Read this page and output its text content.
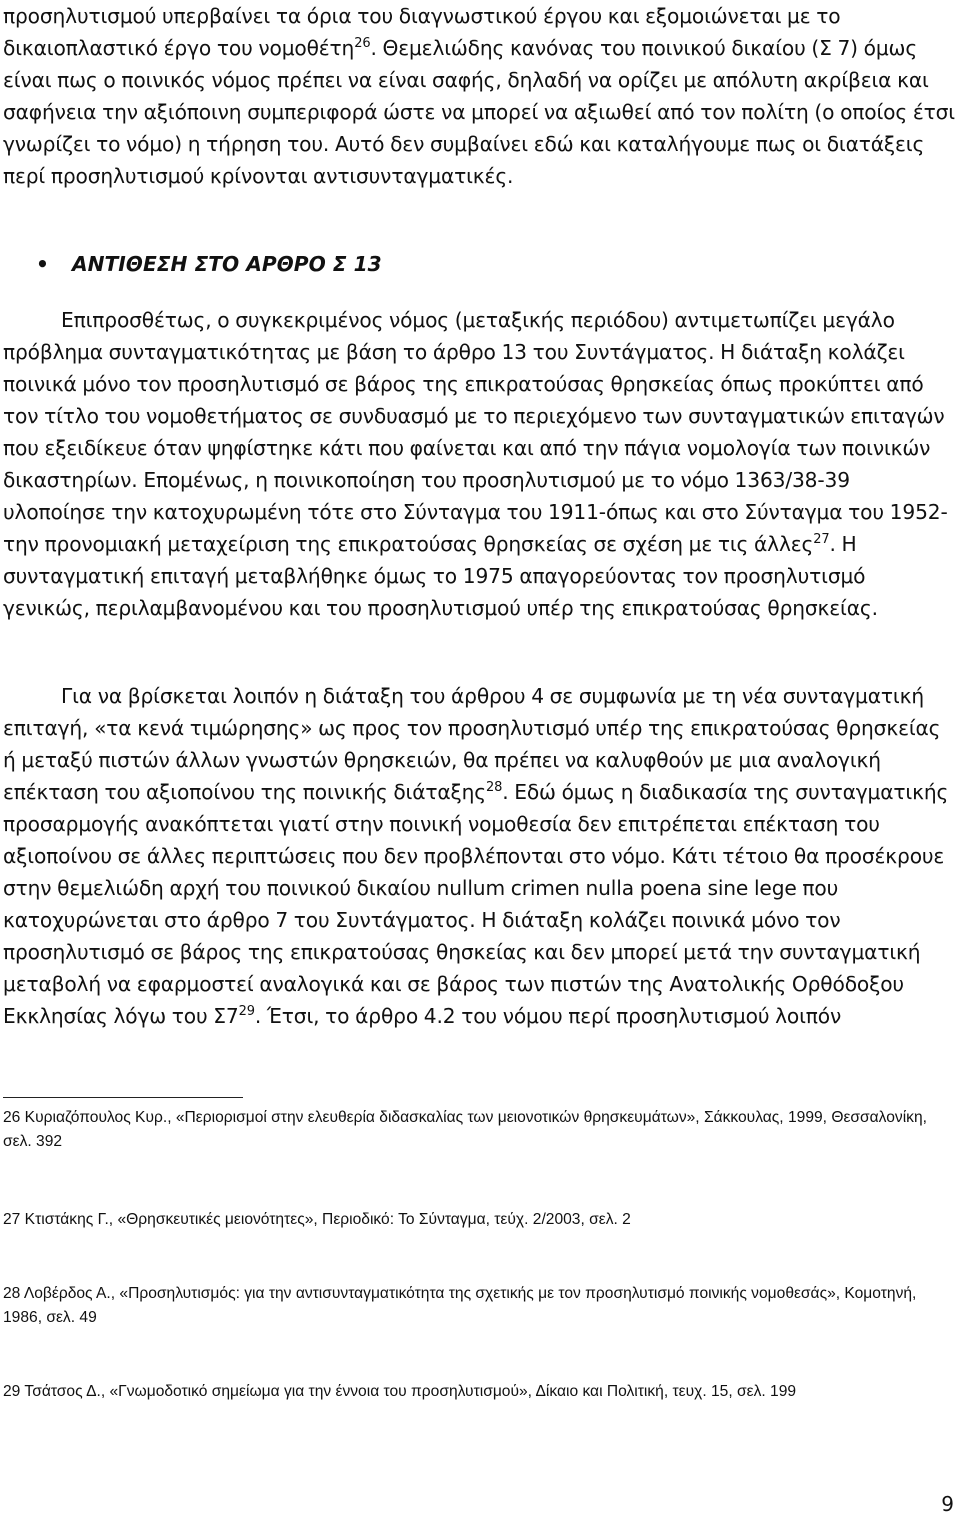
προσηλυτισμού υπερβαίνει τα όρια του διαγνωστικού έργου και εξομοιώνεται με το δικαιοπλαστικό έργο του νομοθέτη$^{26}$. Θεμελιώδης κανόνας του ποινικού δικαίου (Σ 7) όμως είναι πως ο ποινικός νόμος πρέπει να είναι σαφής, δηλαδή να ορίζει με απόλυτη ακρίβεια και σαφήνεια την αξιόποινη συμπεριφορά ώστε να μπορεί να αξιωθεί από τον πολίτη (ο οποίος έτσι γνωρίζει το νόμο) η τήρηση του. Αυτό δεν συμβαίνει εδώ και καταλήγουμε πως οι διατάξεις περί προσηλυτισμού κρίνονται αντισυνταγματικές.

• ΑΝΤΙΘΕΣΗ ΣΤΟ ΑΡΘΡΟ Σ 13

Επιπροσθέτως, ο συγκεκριμένος νόμος (μεταξικής περιόδου) αντιμετωπίζει μεγάλο πρόβλημα συνταγματικότητας με βάση το άρθρο 13 του Συντάγματος. Η διάταξη κολάζει ποινικά μόνο τον προσηλυτισμό σε βάρος της επικρατούσας θρησκείας όπως προκύπτει από τον τίτλο του νομοθετήματος σε συνδυασμό με το περιεχόμενο των συνταγματικών επιταγών που εξειδίκευε όταν ψηφίστηκε κάτι που φαίνεται και από την πάγια νομολογία των ποινικών δικαστηρίων. Επομένως, η ποινικοποίηση του προσηλυτισμού με το νόμο 1363/38-39 υλοποίησε την κατοχυρωμένη τότε στο Σύνταγμα του 1911-όπως και στο Σύνταγμα του 1952- την προνομιακή μεταχείριση της επικρατούσας θρησκείας σε σχέση με τις άλλες$^{27}$. Η συνταγματική επιταγή μεταβλήθηκε όμως το 1975 απαγορεύοντας τον προσηλυτισμό γενικώς, περιλαμβανομένου και του προσηλυτισμού υπέρ της επικρατούσας θρησκείας.

Για να βρίσκεται λοιπόν η διάταξη του άρθρου 4 σε συμφωνία με τη νέα συνταγματική επιταγή, «τα κενά τιμώρησης» ως προς τον προσηλυτισμό υπέρ της επικρατούσας θρησκείας ή μεταξύ πιστών άλλων γνωστών θρησκειών, θα πρέπει να καλυφθούν με μια αναλογική επέκταση του αξιοποίνου της ποινικής διάταξης$^{28}$. Εδώ όμως η διαδικασία της συνταγματικής προσαρμογής ανακόπτεται γιατί στην ποινική νομοθεσία δεν επιτρέπεται επέκταση του αξιοποίνου σε άλλες περιπτώσεις που δεν προβλέπονται στο νόμο. Κάτι τέτοιο θα προσέκρουε στην θεμελιώδη αρχή του ποινικού δικαίου nullum crimen nulla poena sine lege που κατοχυρώνεται στο άρθρο 7 του Συντάγματος. Η διάταξη κολάζει ποινικά μόνο τον προσηλυτισμό σε βάρος της επικρατούσας θησκείας και δεν μπορεί μετά την συνταγματική μεταβολή να εφαρμοστεί αναλογικά και σε βάρος των πιστών της Ανατολικής Ορθόδοξου Εκκλησίας λόγω του $\Sigma 7^{29}$. Έτσι, το άρθρο 4.2 του νόμου περί προσηλυτισμού λοιπόν

26 Κυριαζόπουλος Κυρ., «Περιορισμοί στην ελευθερία διδασκαλίας των μειονοτικών θρησκευμάτων», Σάκκουλας, 1999, Θεσσαλονίκη, σελ. 392

27 Κτιστάκης Γ., «Θρησκευτικές μειονότητες», Περιοδικό: Το Σύνταγμα, τεύχ. 2/2003, σελ. 2

28 Λοβέρδος Α., «Προσηλυτισμός: για την αντισυνταγματικότητα της σχετικής με τον προσηλυτισμό ποινικής νομοθεσάς», Κομοτηνή, 1986, σελ. 49

29 Τσάτσος Δ., «Γνωμοδοτικό σημείωμα για την έννοια του προσηλυτισμού», Δίκαιο και Πολιτική, τευχ. 15, σελ. 199

9
